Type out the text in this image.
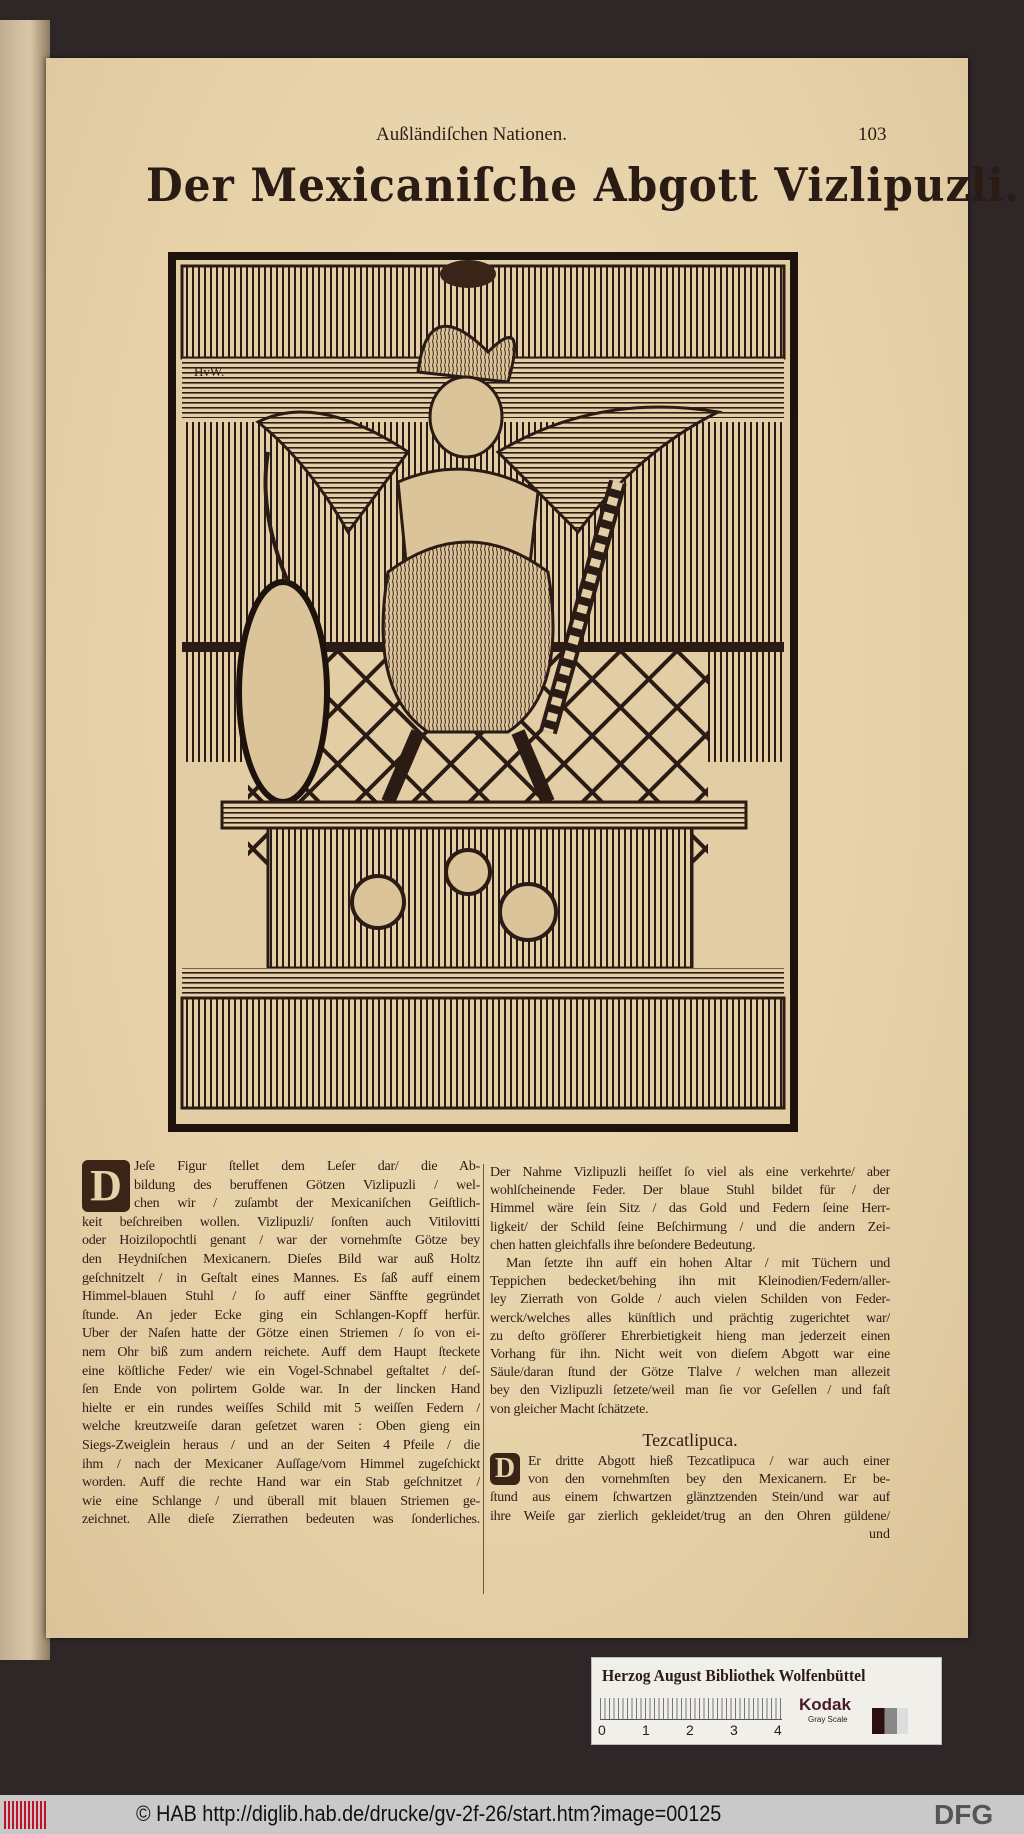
Außländiſchen Nationen.	103
Der Mexicaniſche Abgott Vizlipuzli.
HvW.
D Jeſe Figur ſtellet dem Leſer dar/ die Ab-
bildung des beruffenen Götzen Vizlipuzli / wel-
chen wir / zuſambt der Mexicaniſchen Geiſtlich-
keit beſchreiben wollen. Vizlipuzli/ ſonſten auch Vitilovitti
oder Hoizilopochtli genant / war der vornehmſte Götze bey
den Heydniſchen Mexicanern. Dieſes Bild war auß Holtz
geſchnitzelt / in Geſtalt eines Mannes. Es ſaß auff einem
Himmel-blauen Stuhl / ſo auff einer Sänffte gegründet
ſtunde. An jeder Ecke ging ein Schlangen-Kopff herfür.
Uber der Naſen hatte der Götze einen Striemen / ſo von ei-
nem Ohr biß zum andern reichete. Auff dem Haupt ſteckete
eine köſtliche Feder/ wie ein Vogel-Schnabel geſtaltet / deſ-
ſen Ende von polirtem Golde war. In der lincken Hand
hielte er ein rundes weiſſes Schild mit 5 weiſſen Federn /
welche kreutzweiſe daran geſetzet waren : Oben gieng ein
Siegs-Zweiglein heraus / und an der Seiten 4 Pfeile / die
ihm / nach der Mexicaner Auſſage/vom Himmel zugeſchickt
worden. Auff die rechte Hand war ein Stab geſchnitzet /
wie eine Schlange / und überall mit blauen Striemen ge-
zeichnet. Alle dieſe Zierrathen bedeuten was ſonderliches.
Der Nahme Vizlipuzli heiſſet ſo viel als eine verkehrte/ aber
wohlſcheinende Feder. Der blaue Stuhl bildet für / der
Himmel wäre ſein Sitz / das Gold und Federn ſeine Herr-
ligkeit/ der Schild ſeine Beſchirmung / und die andern Zei-
chen hatten gleichfalls ihre beſondere Bedeutung.
Man ſetzte ihn auff ein hohen Altar / mit Tüchern und
Teppichen bedecket/behing ihn mit Kleinodien/Federn/aller-
ley Zierrath von Golde / auch vielen Schilden von Feder-
werck/welches alles künſtlich und prächtig zugerichtet war/
zu deſto gröſſerer Ehrerbietigkeit hieng man jederzeit einen
Vorhang für ihn. Nicht weit von dieſem Abgott war eine
Säule/daran ſtund der Götze Tlalve / welchen man allezeit
bey den Vizlipuzli ſetzete/weil man ſie vor Geſellen / und faſt
von gleicher Macht ſchätzete.
Tezcatlipuca.
D Er dritte Abgott hieß Tezcatlipuca / war auch einer
von den vornehmſten bey den Mexicanern. Er be-
ſtund aus einem ſchwartzen glänztzenden Stein/und war auf
ihre Weiſe gar zierlich gekleidet/trug an den Ohren güldene/
und
Herzog August Bibliothek Wolfenbüttel
0	1	2	3	4
Kodak
Gray Scale
© HAB http://diglib.hab.de/drucke/gv-2f-26/start.htm?image=00125	DFG
